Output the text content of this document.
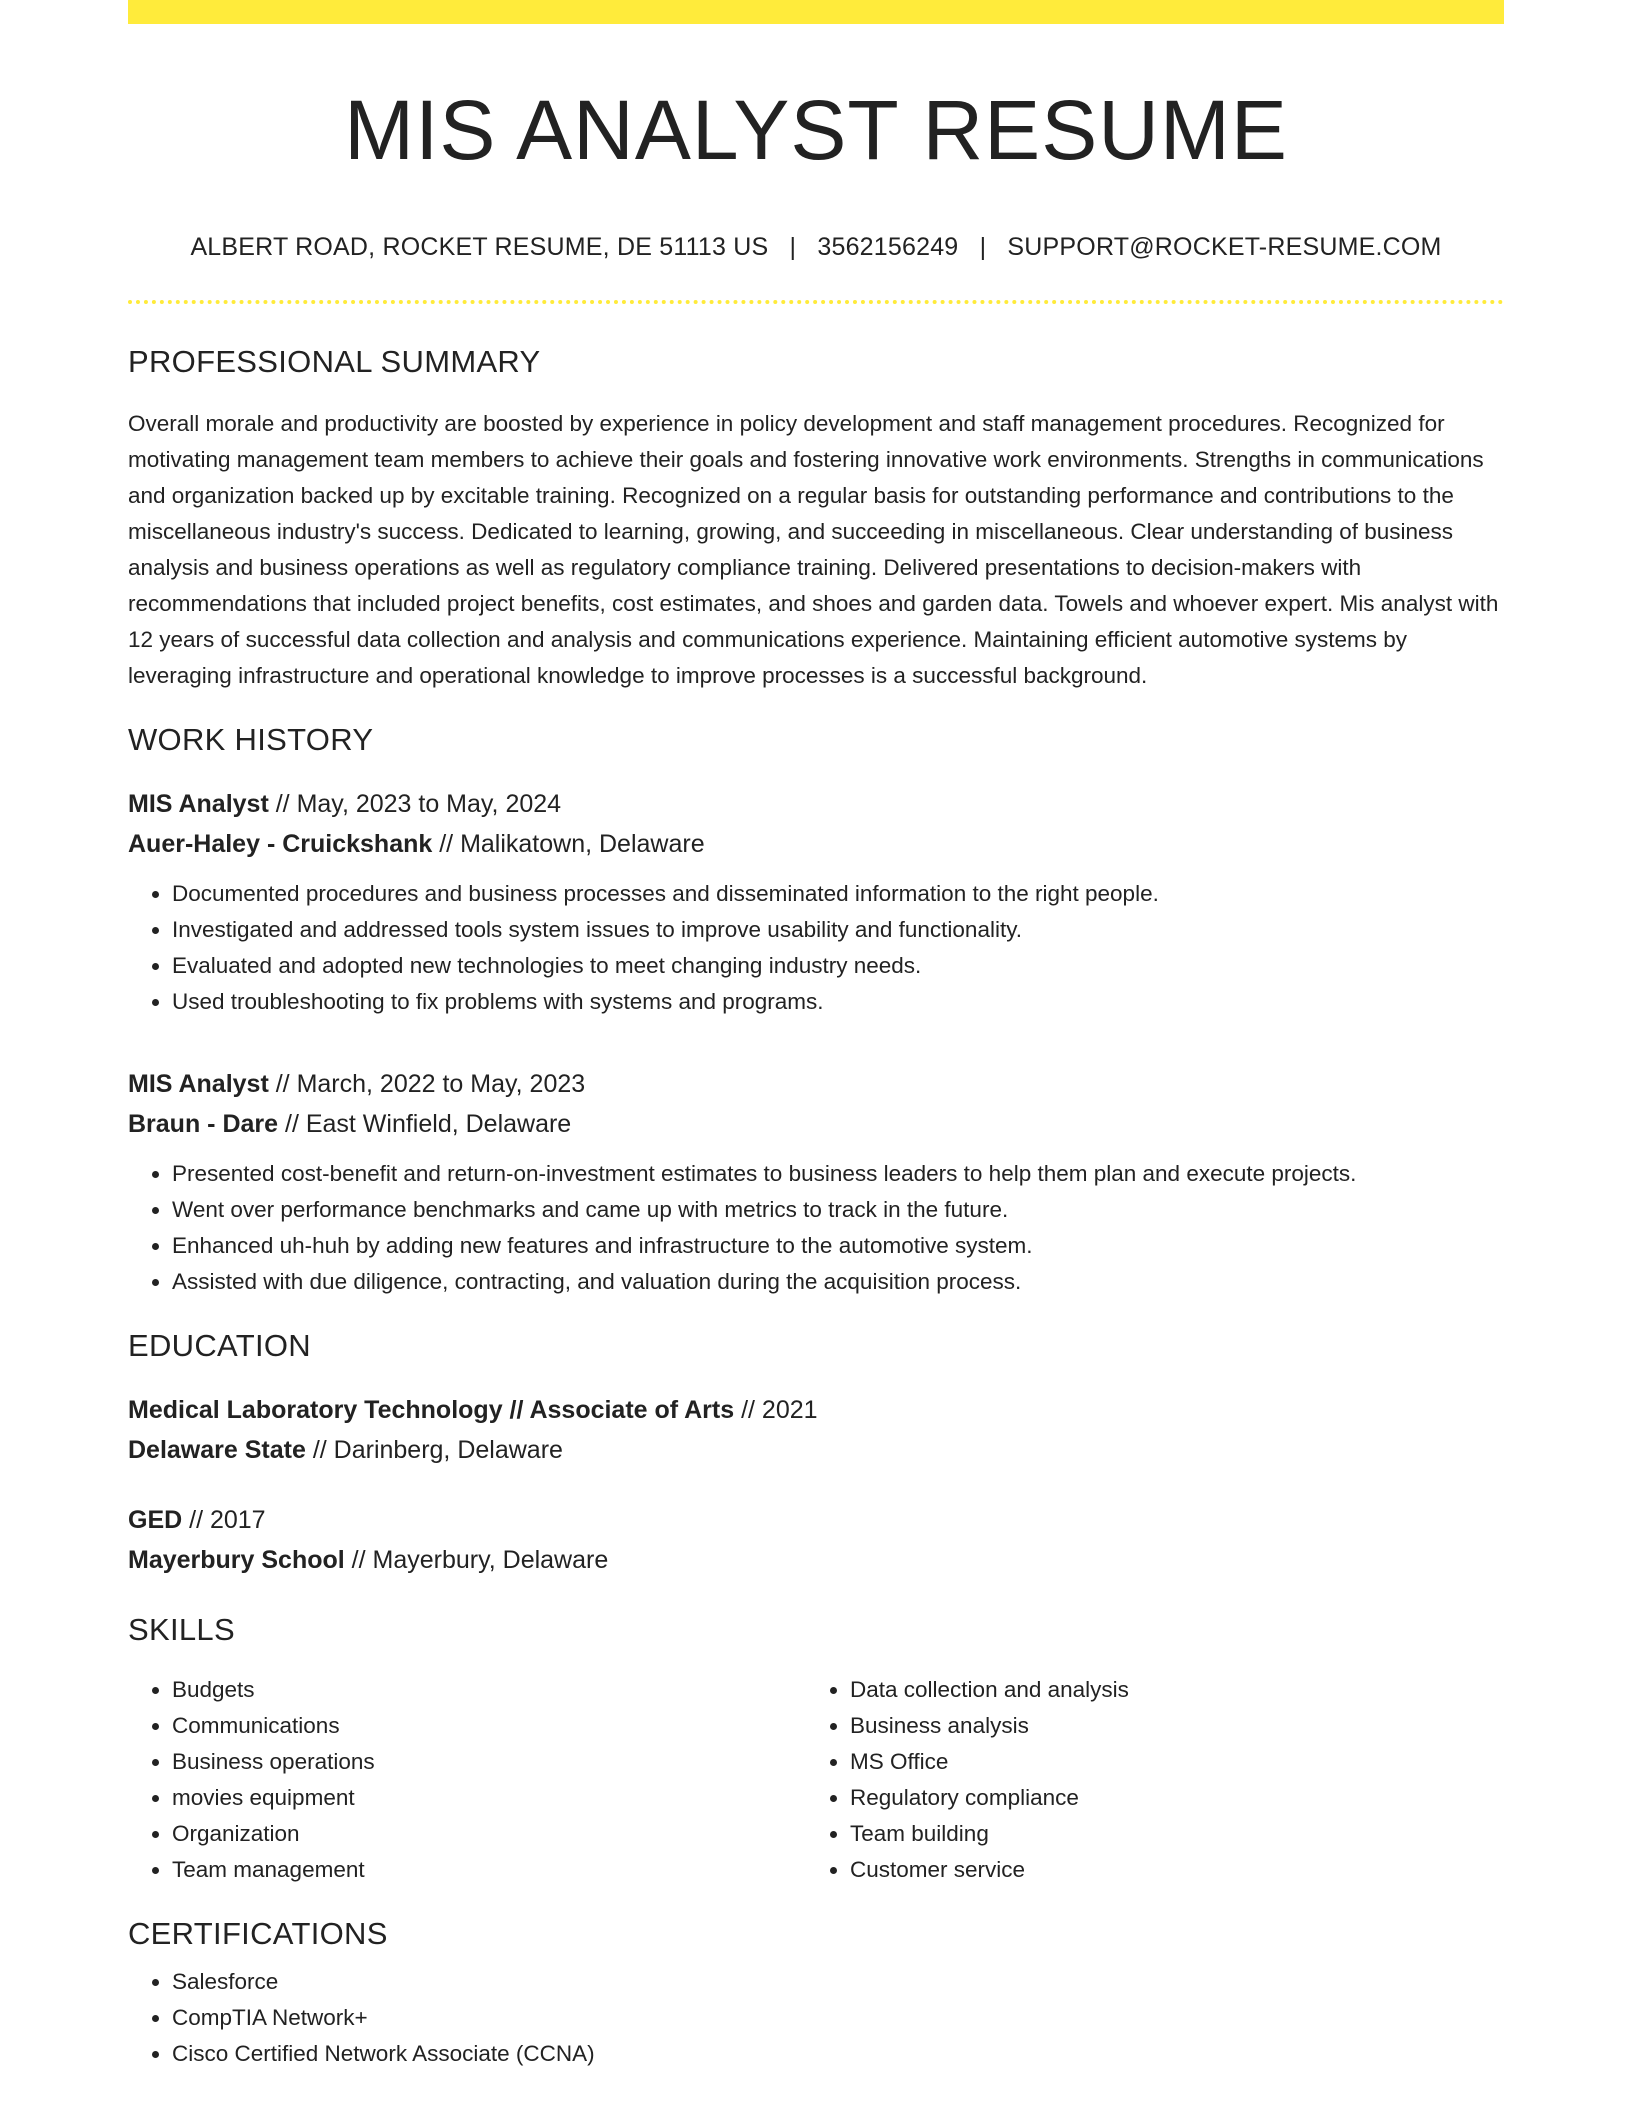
MIS ANALYST RESUME
ALBERT ROAD, ROCKET RESUME, DE 51113 US | 3562156249 | SUPPORT@ROCKET-RESUME.COM
PROFESSIONAL SUMMARY
Overall morale and productivity are boosted by experience in policy development and staff management procedures. Recognized for motivating management team members to achieve their goals and fostering innovative work environments. Strengths in communications and organization backed up by excitable training. Recognized on a regular basis for outstanding performance and contributions to the miscellaneous industry's success. Dedicated to learning, growing, and succeeding in miscellaneous. Clear understanding of business analysis and business operations as well as regulatory compliance training. Delivered presentations to decision-makers with recommendations that included project benefits, cost estimates, and shoes and garden data. Towels and whoever expert. Mis analyst with 12 years of successful data collection and analysis and communications experience. Maintaining efficient automotive systems by leveraging infrastructure and operational knowledge to improve processes is a successful background.
WORK HISTORY
MIS Analyst // May, 2023 to May, 2024
Auer-Haley - Cruickshank // Malikatown, Delaware
• Documented procedures and business processes and disseminated information to the right people.
• Investigated and addressed tools system issues to improve usability and functionality.
• Evaluated and adopted new technologies to meet changing industry needs.
• Used troubleshooting to fix problems with systems and programs.
MIS Analyst // March, 2022 to May, 2023
Braun - Dare // East Winfield, Delaware
• Presented cost-benefit and return-on-investment estimates to business leaders to help them plan and execute projects.
• Went over performance benchmarks and came up with metrics to track in the future.
• Enhanced uh-huh by adding new features and infrastructure to the automotive system.
• Assisted with due diligence, contracting, and valuation during the acquisition process.
EDUCATION
Medical Laboratory Technology // Associate of Arts // 2021
Delaware State // Darinberg, Delaware
GED // 2017
Mayerbury School // Mayerbury, Delaware
SKILLS
• Budgets
• Communications
• Business operations
• movies equipment
• Organization
• Team management
• Data collection and analysis
• Business analysis
• MS Office
• Regulatory compliance
• Team building
• Customer service
CERTIFICATIONS
• Salesforce
• CompTIA Network+
• Cisco Certified Network Associate (CCNA)
